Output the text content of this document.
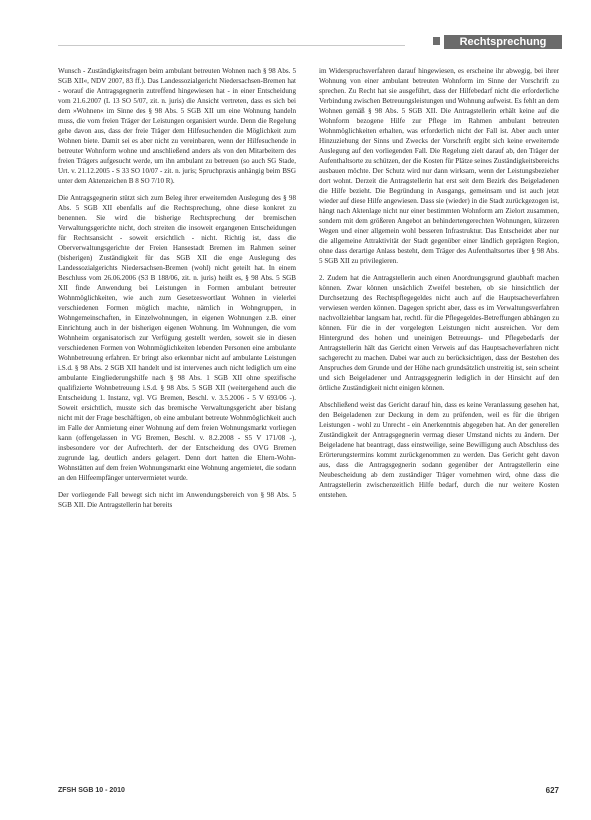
Rechtsprechung

Wunsch - Zuständigkeitsfragen beim ambulant betreuten Wohnen nach § 98 Abs. 5 SGB XII«, NDV 2007, 83 ff.). Das Landessozialgericht Niedersachsen-Bremen hat - worauf die Antragsgegnerin zutreffend hingewiesen hat - in einer Entscheidung vom 21.6.2007 (L 13 SO 5/07, zit. n. juris) die Ansicht vertreten, dass es sich bei dem »Wohnen« im Sinne des § 98 Abs. 5 SGB XII um eine Wohnung handeln muss, die vom freien Träger der Leistungen organisiert wurde. Denn die Regelung gehe davon aus, dass der freie Träger dem Hilfesuchenden die Möglichkeit zum Wohnen biete. Damit sei es aber nicht zu vereinbaren, wenn der Hilfesuchende in betreuter Wohnform wohne und anschließend anders als von den Mitarbeitern des freien Trägers aufgesucht werde, um ihn ambulant zu betreuen (so auch SG Stade, Urt. v. 21.12.2005 - S 33 SO 10/07 - zit. n. juris; Spruchpraxis anhängig beim BSG unter dem Aktenzeichen B 8 SO 7/10 R).

Die Antragsgegnerin stützt sich zum Beleg ihrer erweiternden Auslegung des § 98 Abs. 5 SGB XII ebenfalls auf die Rechtsprechung, ohne diese konkret zu benennen. Sie wird die bisherige Rechtsprechung der bremischen Verwaltungsgerichte nicht, doch streiten die insoweit ergangenen Entscheidungen für Rechtsansicht - soweit ersichtlich - nicht. Richtig ist, dass die Oberverwaltungsgerichte der Freien Hansestadt Bremen im Rahmen seiner (bisherigen) Zuständigkeit für das SGB XII die enge Auslegung des Landessozialgerichts Niedersachsen-Bremen (wohl) nicht geteilt hat. In einem Beschluss vom 26.06.2006 (S3 B 188/06, zit. n. juris) heißt es, § 98 Abs. 5 SGB XII finde Anwendung bei Leistungen in Formen ambulant betreuter Wohnmöglichkeiten, wie auch zum Gesetzeswortlaut Wohnen in vielerlei verschiedenen Formen möglich machte, nämlich in Wohngruppen, in Wohngemeinschaften, in Einzelwohnungen, in eigenen Wohnungen z.B. einer Einrichtung auch in der bisherigen eigenen Wohnung. Im Wohnungen, die vom Wohnheim organisatorisch zur Verfügung gestellt werden, soweit sie in diesen verschiedenen Formen von Wohnmöglichkeiten lebenden Personen eine ambulante Wohnbetreuung erfahren. Er bringt also erkennbar nicht auf ambulante Leistungen i.S.d. § 98 Abs. 2 SGB XII handelt und ist intervenes auch nicht lediglich um eine ambulante Eingliederungshilfe nach § 98 Abs. 1 SGB XII ohne spezifische qualifizierte Wohnbetreuung i.S.d. § 98 Abs. 5 SGB XII (weitergehend auch die Entscheidung 1. Instanz, vgl. VG Bremen, Beschl. v. 3.5.2006 - 5 V 693/06 -). Soweit ersichtlich, musste sich das bremische Verwaltungsgericht aber bislang nicht mit der Frage beschäftigen, ob eine ambulant betreute Wohnmöglichkeit auch im Falle der Anmietung einer Wohnung auf dem freien Wohnungsmarkt vorliegen kann (offengelassen in VG Bremen, Beschl. v. 8.2.2008 - S5 V 171/08 -), insbesondere vor der Aufrechterh. der der Entscheidung des OVG Bremen zugrunde lag, deutlich anders gelagert. Denn dort hatten die Eltern-Wohn-Wohnstätten auf dem freien Wohnungsmarkt eine Wohnung angemietet, die sodann an den Hilfeempfänger untervermietet wurde.

Der vorliegende Fall bewegt sich nicht im Anwendungsbereich von § 98 Abs. 5 SGB XII. Die Antragstellerin hat bereits

im Widerspruchsverfahren darauf hingewiesen, es erscheine ihr abwegig, bei ihrer Wohnung von einer ambulant betreuten Wohnform im Sinne der Vorschrift zu sprechen. Zu Recht hat sie ausgeführt, dass der Hilfebedarf nicht die erforderliche Verbindung zwischen Betreuungsleistungen und Wohnung aufweist. Es fehlt an dem Wohnen gemäß § 98 Abs. 5 SGB XII. Die Antragstellerin erhält keine auf die Wohnform bezogene Hilfe zur Pflege im Rahmen ambulant betreuten Wohnmöglichkeiten erhalten, was erforderlich nicht der Fall ist. Aber auch unter Hinzuziehung der Sinns und Zwecks der Vorschrift ergibt sich keine erweiternde Auslegung auf den vorliegenden Fall. Die Regelung zielt darauf ab, den Träger der Aufenthaltsorte zu schützen, der die Kosten für Plätze seines Zuständigkeitsbereichs ausbauen möchte. Der Schutz wird nur dann wirksam, wenn der Leistungsbezieher dort wohnt. Derzeit die Antragstellerin hat erst seit dem Bezirk des Beigeladenen die Hilfe bezieht. Die Begründung in Ausgangs, gemeinsam und ist auch jetzt wieder auf diese Hilfe angewiesen. Dass sie (wieder) in die Stadt zurückgezogen ist, hängt nach Aktenlage nicht nur einer bestimmten Wohnform am Zielort zusammen, sondern mit dem größeren Angebot an behindertengerechten Wohnungen, kürzeren Wegen und einer allgemein wohl besseren Infrastruktur. Das Entscheidet aber nur die allgemeine Attraktivität der Stadt gegenüber einer ländlich geprägten Region, ohne dass derartige Anlass besteht, dem Träger des Aufenthaltsortes über § 98 Abs. 5 SGB XII zu privilegieren.

2. Zudem hat die Antragstellerin auch einen Anordnungsgrund glaubhaft machen können. Zwar können unsächlich Zweifel bestehen, ob sie hinsichtlich der Durchsetzung des Rechtspflegegeldes nicht auch auf die Hauptsacheverfahren verwiesen werden können. Dagegen spricht aber, dass es im Verwaltungsverfahren nachvollziehbar langsam hat, rechtl. für die Pflegegeldes-Betreffungen abhängen zu können. Für die in der vorgelegten Leistungen nicht ausreichen. Vor dem Hintergrund des hohen und uneinigen Betreuungs- und Pflegebedarfs der Antragstellerin hält das Gericht einen Verweis auf das Hauptsacheverfahren nicht sachgerecht zu machen. Dabei war auch zu berücksichtigen, dass der Bestehen des Anspruches dem Grunde und der Höhe nach grundsätzlich unstreitig ist, sein scheint und sich Beigeladener und Antragsgegnerin lediglich in der Hinsicht auf den örtliche Zuständigkeit nicht einigen können.

Abschließend weist das Gericht darauf hin, dass es keine Veranlassung gesehen hat, den Beigeladenen zur Deckung in dem zu prüfenden, weil es für die übrigen Leistungen - wohl zu Unrecht - ein Anerkenntnis abgegeben hat. An der generellen Zuständigkeit der Antragsgegnerin vermag dieser Umstand nichts zu ändern. Der Beigeladene hat beantragt, dass einstweilige, seine Bewilligung auch Abschluss des Erörterungstermins kommt zurückgenommen zu werden. Das Gericht geht davon aus, dass die Antragsgegnerin sodann gegenüber der Antragstellerin eine Neubescheidung ab dem zuständiger Träger vornehmen wird, ohne dass die Antragstellerin zwischenzeitlich Hilfe bedarf, durch die nur weitere Kosten entstehen.

ZFSH SGB 10 - 2010	627
